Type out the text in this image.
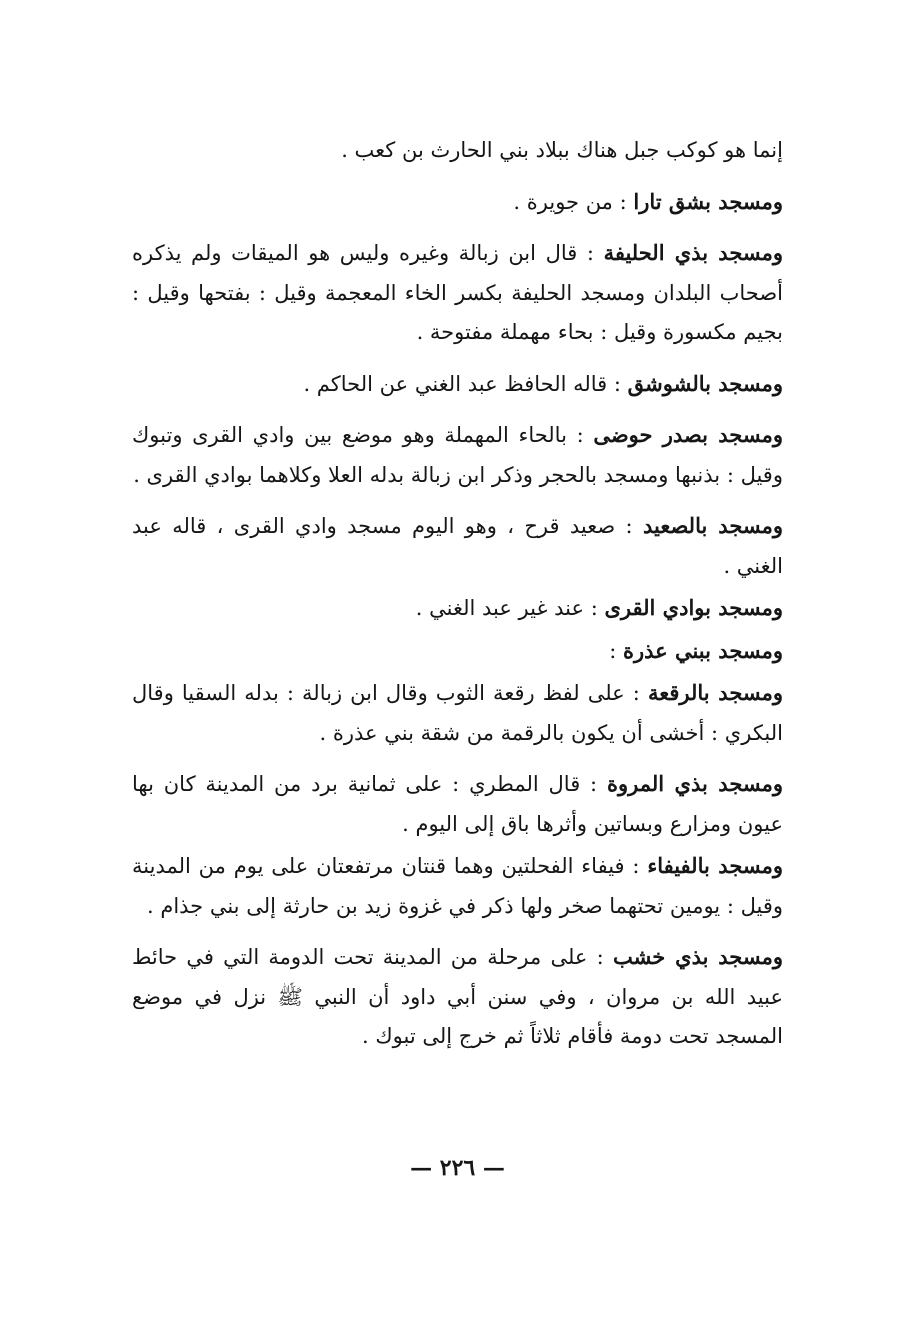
إنما هو كوكب جبل هناك ببلاد بني الحارث بن كعب .

ومسجد بشق تارا : من جويرة .

ومسجد بذي الحليفة : قال ابن زبالة وغيره وليس هو الميقات ولم يذكره أصحاب البلدان ومسجد الحليفة بكسر الخاء المعجمة وقيل : بفتحها وقيل : بجيم مكسورة وقيل : بحاء مهملة مفتوحة .

ومسجد بالشوشق : قاله الحافظ عبد الغني عن الحاكم .

ومسجد بصدر حوضى : بالحاء المهملة وهو موضع بين وادي القرى وتبوك وقيل : بذنبها ومسجد بالحجر وذكر ابن زبالة بدله العلا وكلاهما بوادي القرى .

ومسجد بالصعيد : صعيد قرح ، وهو اليوم مسجد وادي القرى ، قاله عبد الغني .

ومسجد بوادي القرى : عند غير عبد الغني .

ومسجد ببني عذرة :

ومسجد بالرقعة : على لفظ رقعة الثوب وقال ابن زبالة : بدله السقيا وقال البكري : أخشى أن يكون بالرقمة من شقة بني عذرة .

ومسجد بذي المروة : قال المطري : على ثمانية برد من المدينة كان بها عيون ومزارع وبساتين وأثرها باق إلى اليوم .

ومسجد بالفيفاء : فيفاء الفحلتين وهما قنتان مرتفعتان على يوم من المدينة وقيل : يومين تحتهما صخر ولها ذكر في غزوة زيد بن حارثة إلى بني جذام .

ومسجد بذي خشب : على مرحلة من المدينة تحت الدومة التي في حائط عبيد الله بن مروان ، وفي سنن أبي داود أن النبي ﷺ نزل في موضع المسجد تحت دومة فأقام ثلاثاً ثم خرج إلى تبوك .

— ٢٢٦ —
